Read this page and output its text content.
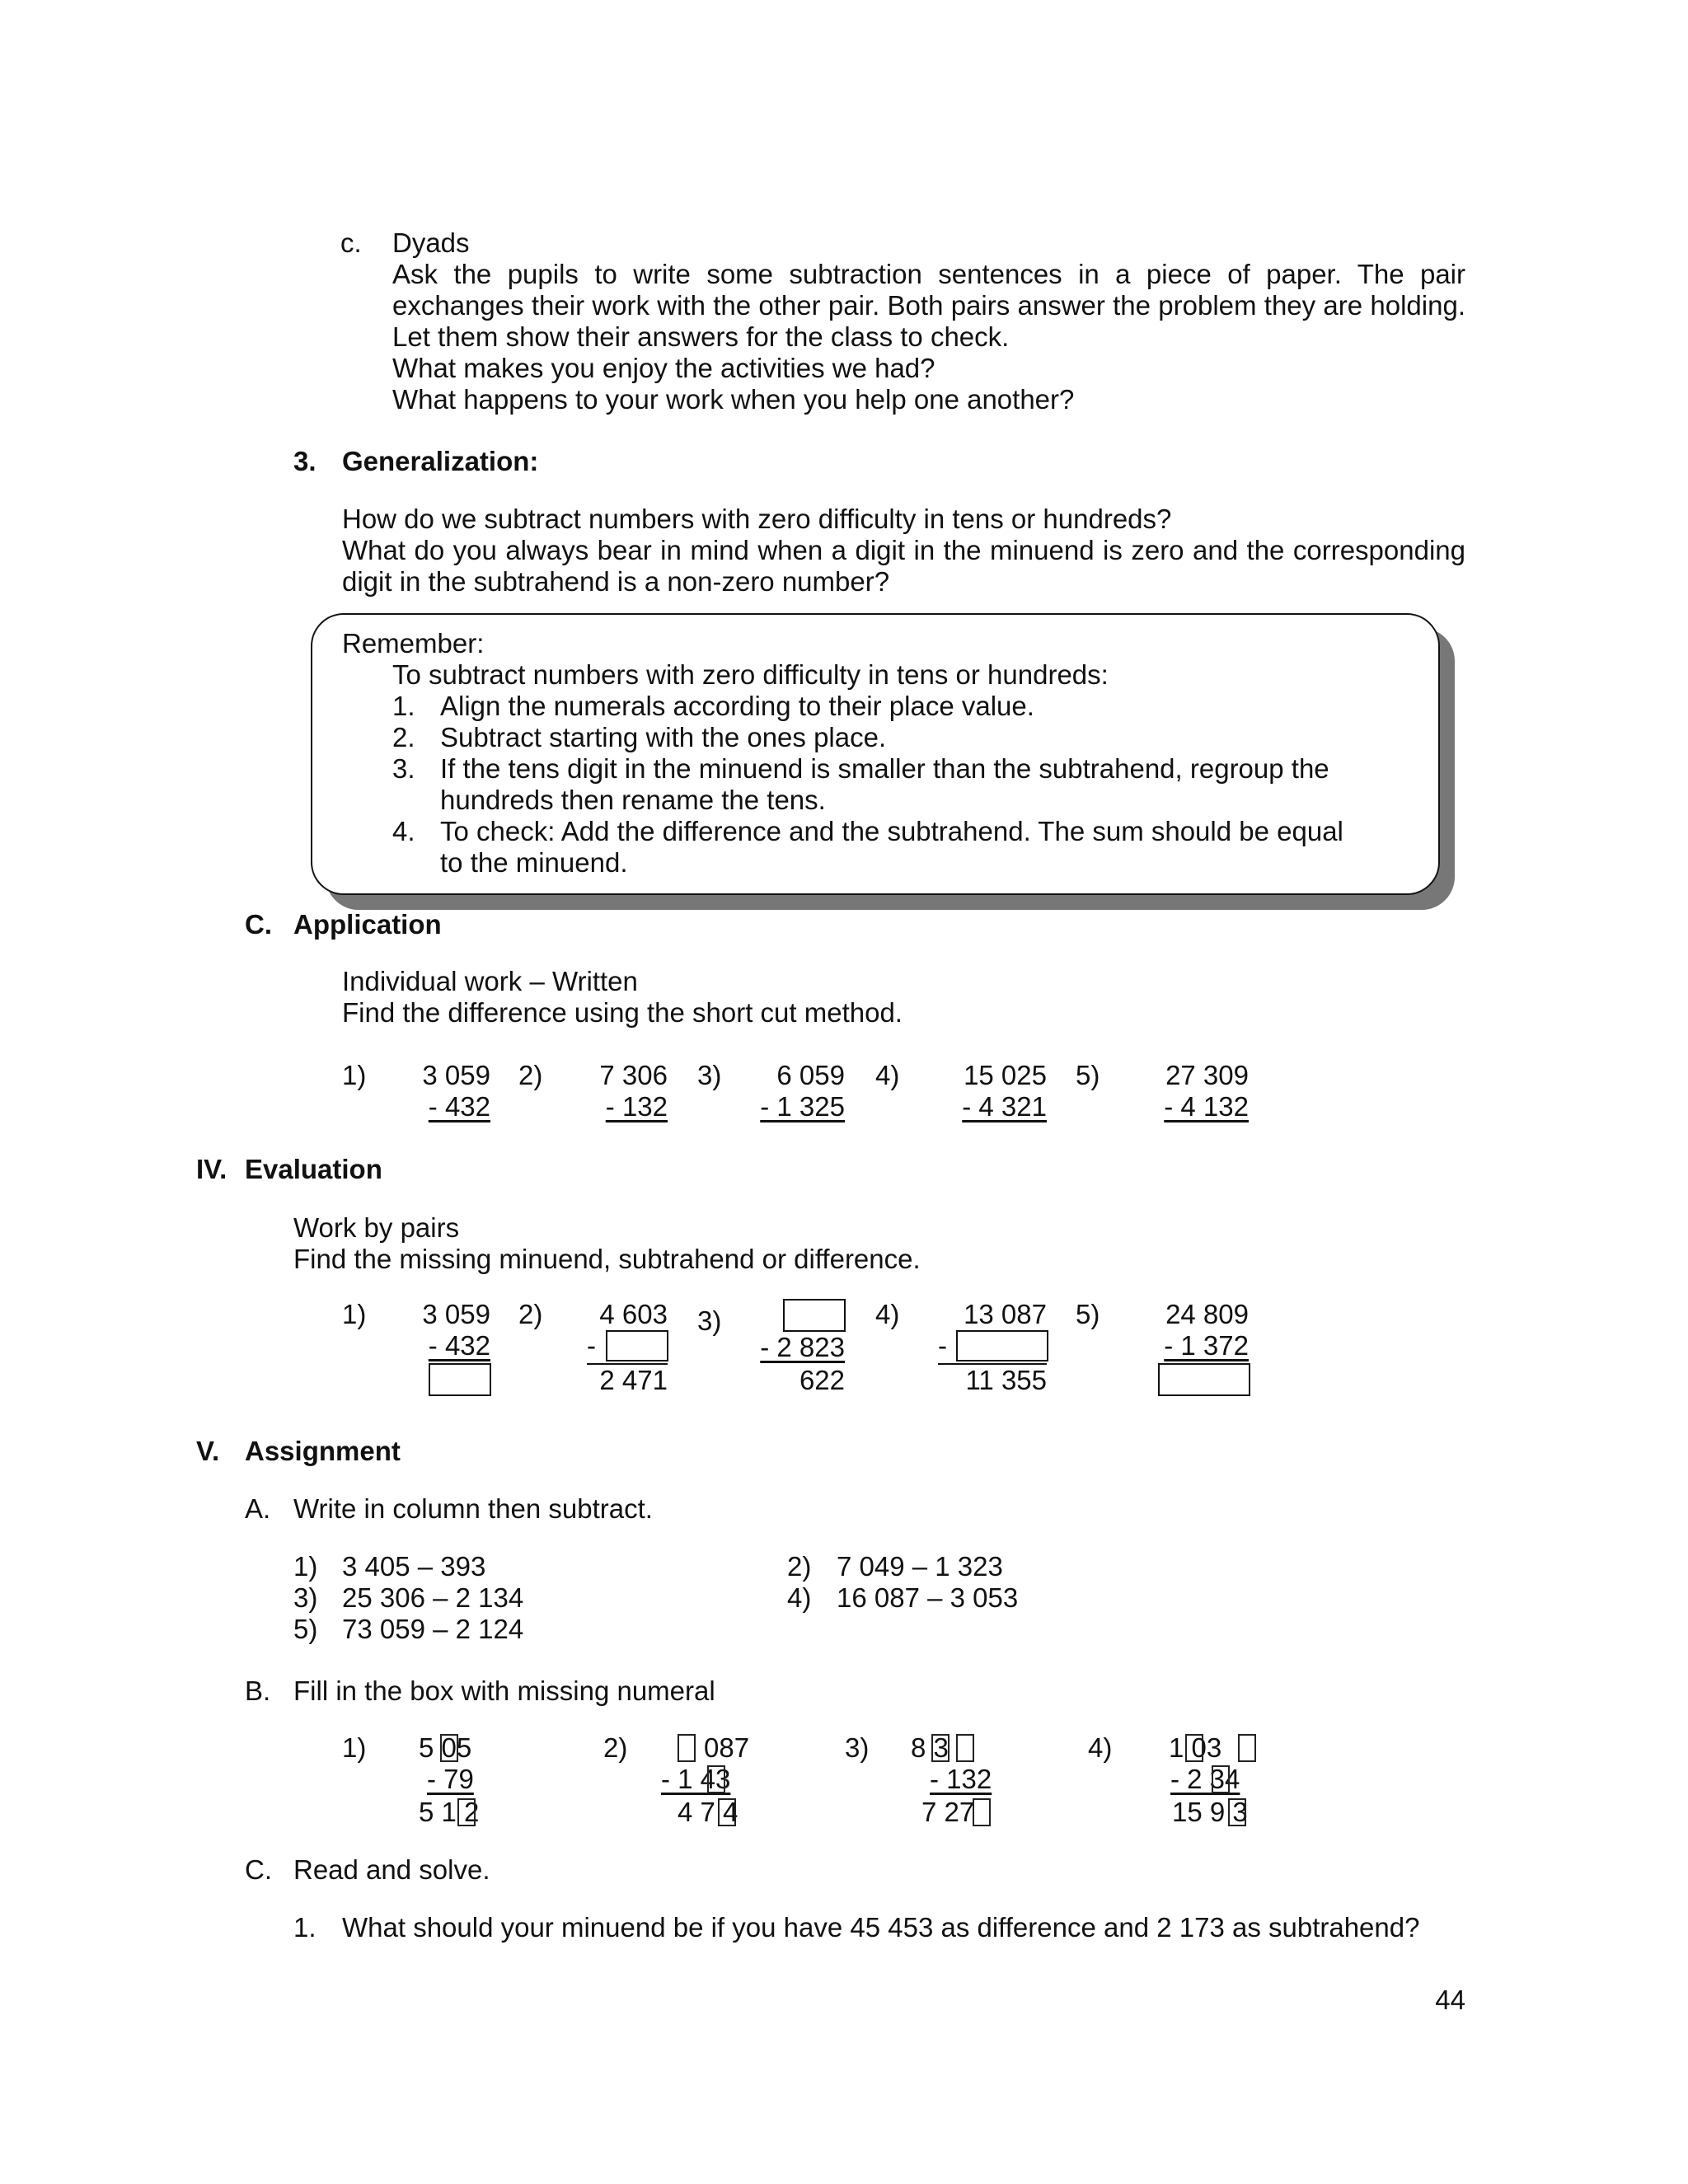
c. Dyads
Ask the pupils to write some subtraction sentences in a piece of paper. The pair
exchanges their work with the other pair. Both pairs answer the problem they are holding.
Let them show their answers for the class to check.
What makes you enjoy the activities we had?
What happens to your work when you help one another?
3. Generalization:
How do we subtract numbers with zero difficulty in tens or hundreds?
What do you always bear in mind when a digit in the minuend is zero and the corresponding
digit in the subtrahend is a non-zero number?
Remember:
To subtract numbers with zero difficulty in tens or hundreds:
1. Align the numerals according to their place value.
2. Subtract starting with the ones place.
3. If the tens digit in the minuend is smaller than the subtrahend, regroup the
hundreds then rename the tens.
4. To check: Add the difference and the subtrahend. The sum should be equal
to the minuend.
C. Application
Individual work – Written
Find the difference using the short cut method.
1)	3 059
- 432
2)	7 306
- 132
3)	6 059
- 1 325
4)	15 025
- 4 321
5)	27 309
- 4 132
IV. Evaluation
Work by pairs
Find the missing minuend, subtrahend or difference.
1)	3 059
- 432
2)	4 603
-
2 471
3)
- 2 823
622
4)	13 087
-
11 355
5)	24 809
- 1 372
V. Assignment
A. Write in column then subtract.
1) 3 405 – 393	2) 7 049 – 1 323
3) 25 306 – 2 134	4) 16 087 – 3 053
5) 73 059 – 2 124
B. Fill in the box with missing numeral
1) 5 05
- 79
5 1 2
2)	087
- 1 43
4 7 4
3) 8 3
- 132
7 27
4) 1 03
- 2 34
15 9 3
C. Read and solve.
1. What should your minuend be if you have 45 453 as difference and 2 173 as subtrahend?
44
